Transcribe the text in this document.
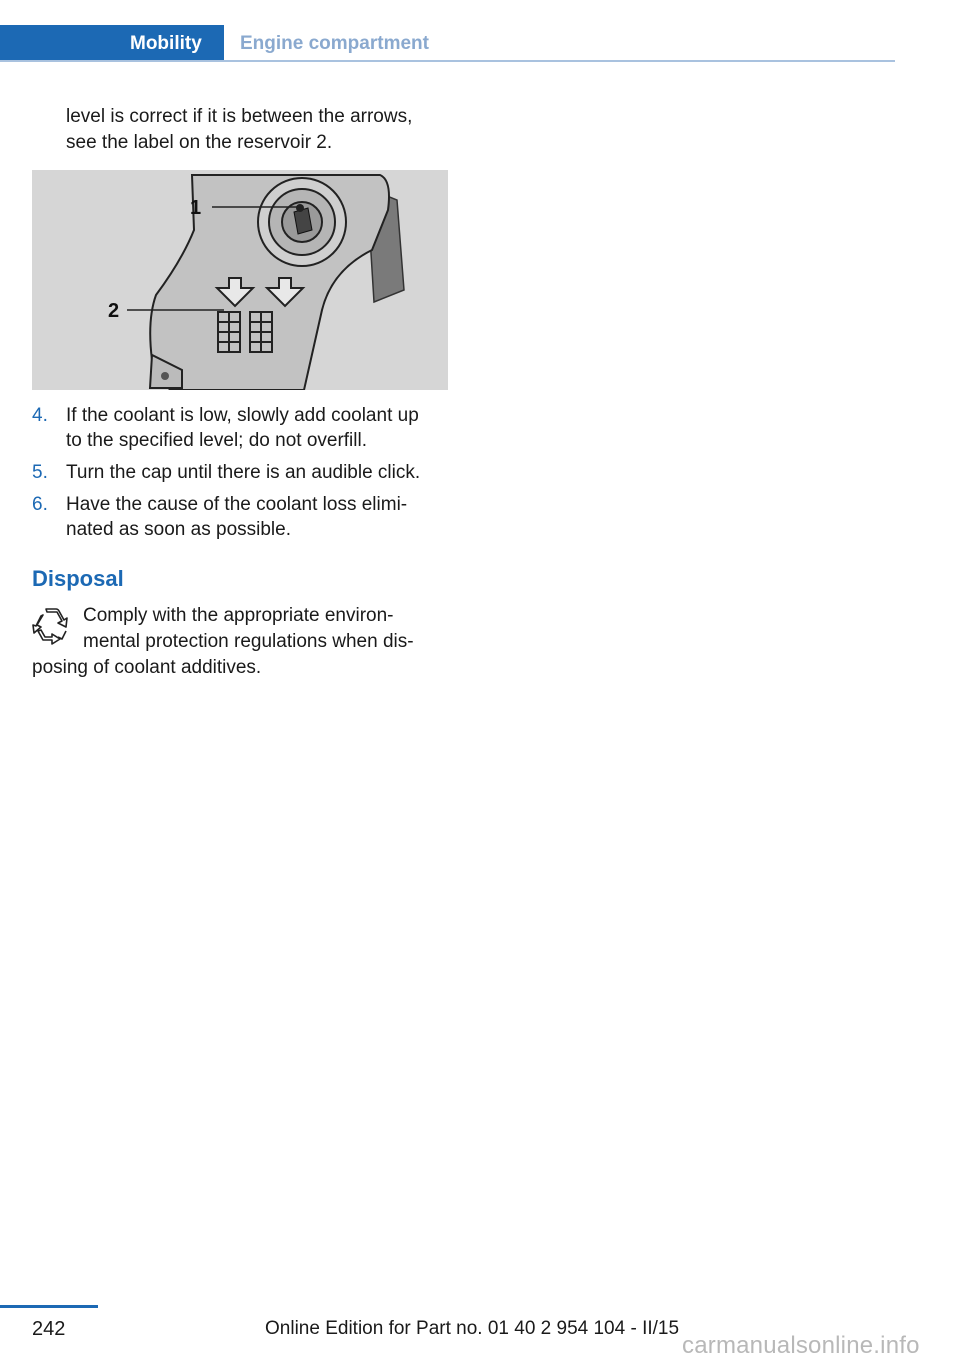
Mobility	Engine compartment

level is correct if it is between the arrows,

see the label on the reservoir 2.

1
2
4. If the coolant is low, slowly add coolant up
to the specified level; do not overfill.
5. Turn the cap until there is an audible click.
6. Have the cause of the coolant loss elimi-
nated as soon as possible.
Disposal

Comply with the appropriate environ-

mental protection regulations when dis-

posing of coolant additives.

242	Online Edition for Part no. 01 40 2 954 104 - II/15
carmanualsonline.info
